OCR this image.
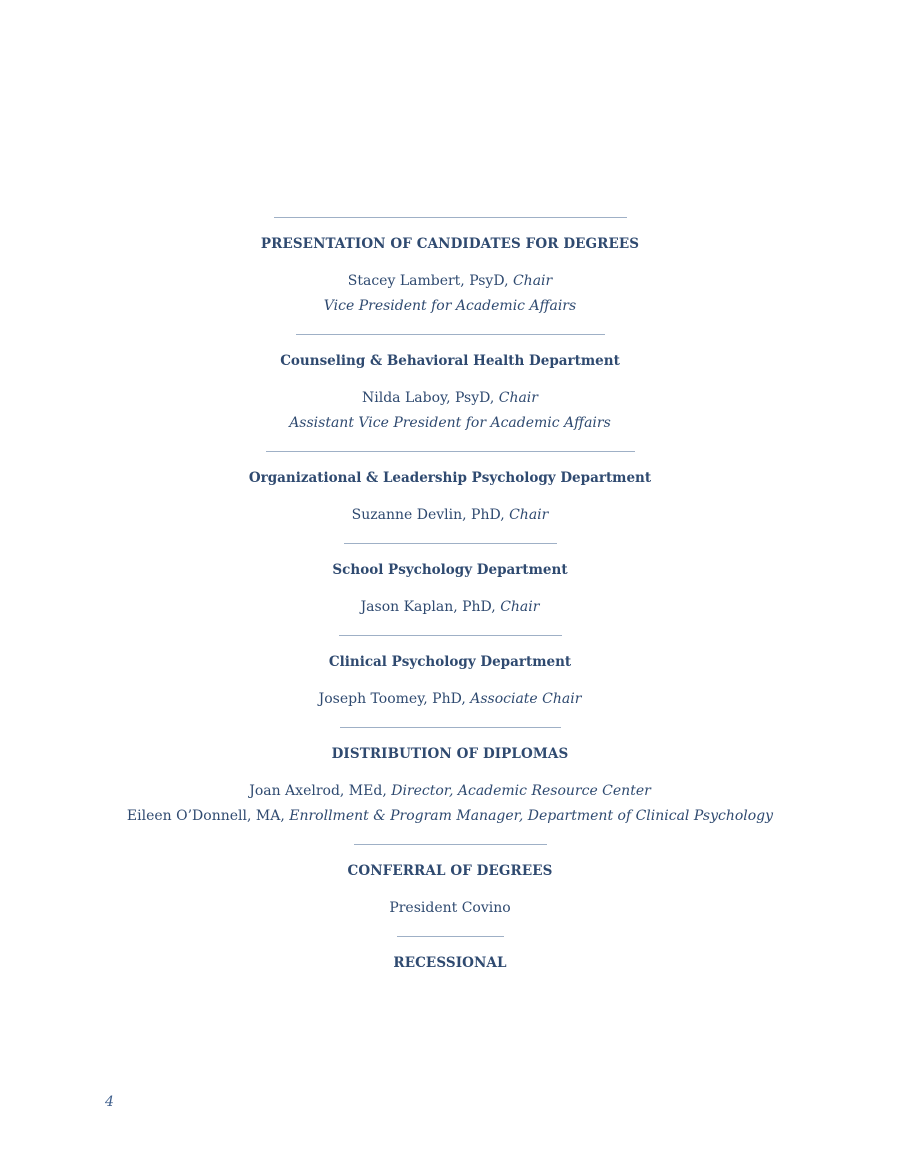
PRESENTATION OF CANDIDATES FOR DEGREES
Stacey Lambert, PsyD, Chair
Vice President for Academic Affairs
Counseling & Behavioral Health Department
Nilda Laboy, PsyD, Chair
Assistant Vice President for Academic Affairs
Organizational & Leadership Psychology Department
Suzanne Devlin, PhD, Chair
School Psychology Department
Jason Kaplan, PhD, Chair
Clinical Psychology Department
Joseph Toomey, PhD, Associate Chair
DISTRIBUTION OF DIPLOMAS
Joan Axelrod, MEd, Director, Academic Resource Center
Eileen O’Donnell, MA, Enrollment & Program Manager, Department of Clinical Psychology
CONFERRAL OF DEGREES
President Covino
RECESSIONAL
4
